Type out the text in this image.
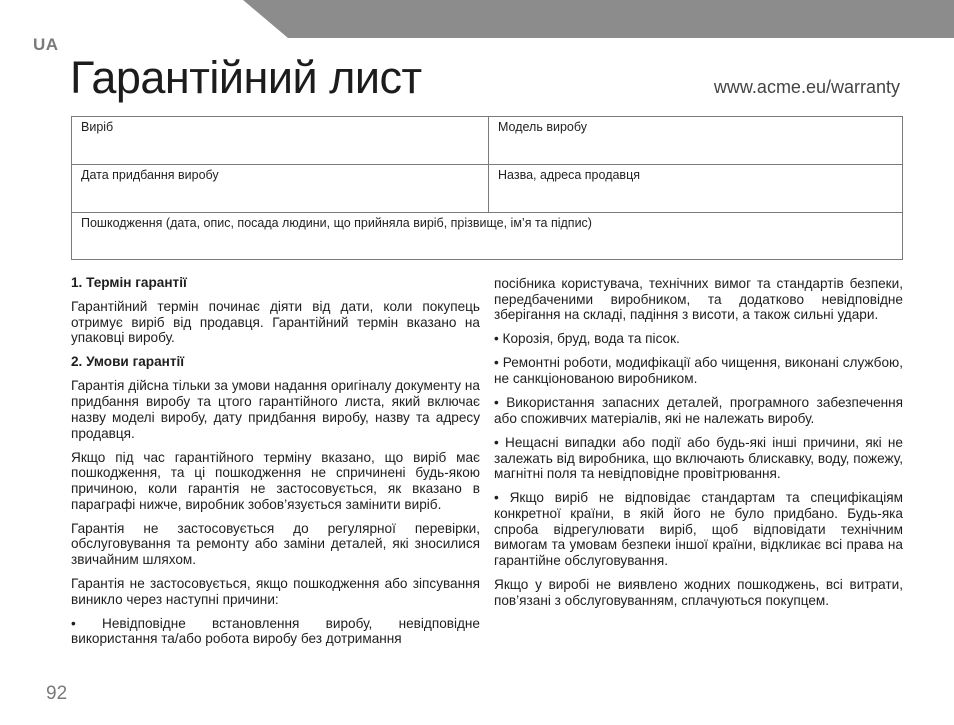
UA
Гарантійний лист	www.acme.eu/warranty
Виріб	Модель виробу
Дата придбання виробу	Назва, адреса продавця
Пошкодження (дата, опис, посада людини, що прийняла виріб, прізвище, ім’я та підпис)	

1. Термін гарантії

Гарантійний термін починає діяти від дати, коли покупець отримує виріб від продавця. Гарантійний термін вказано на упаковці виробу.

2. Умови гарантії

Гарантія дійсна тільки за умови надання оригіналу документу на придбання виробу та цтого гарантійного листа, який включає назву моделі виробу, дату придбання виробу, назву та адресу продавця.

Якщо під час гарантійного терміну вказано, що виріб має пошкодження, та ці пошкодження не спричинені будь-якою причиною, коли гарантія не застосовується, як вказано в параграфі нижче, виробник зобов’язується замінити виріб.

Гарантія не застосовується до регулярної перевірки, обслуговування та ремонту або заміни деталей, які зносилися звичайним шляхом.

Гарантія не застосовується, якщо пошкодження або зіпсування виникло через наступні причини:

• Невідповідне встановлення виробу, невідповідне використання та/або робота виробу без дотримання

посібника користувача, технічних вимог та стандартів безпеки, передбаченими виробником, та додатково невідповідне зберігання на складі, падіння з висоти, а також сильні удари.

• Корозія, бруд, вода та пісок.

• Ремонтні роботи, модифікації або чищення, виконані службою, не санкціонованою виробником.

• Використання запасних деталей, програмного забезпечення або споживчих матеріалів, які не належать виробу.

• Нещасні випадки або події або будь-які інші причини, які не залежать від виробника, що включають блискавку, воду, пожежу, магнітні поля та невідповідне провітрювання.

• Якщо виріб не відповідає стандартам та специфікаціям конкретної країни, в якій його не було придбано. Будь-яка спроба відрегулювати виріб, щоб відповідати технічним вимогам та умовам безпеки іншої країни, відкликає всі права на гарантійне обслуговування.

Якщо у виробі не виявлено жодних пошкоджень, всі витрати, пов’язані з обслуговуванням, сплачуються покупцем.

92
